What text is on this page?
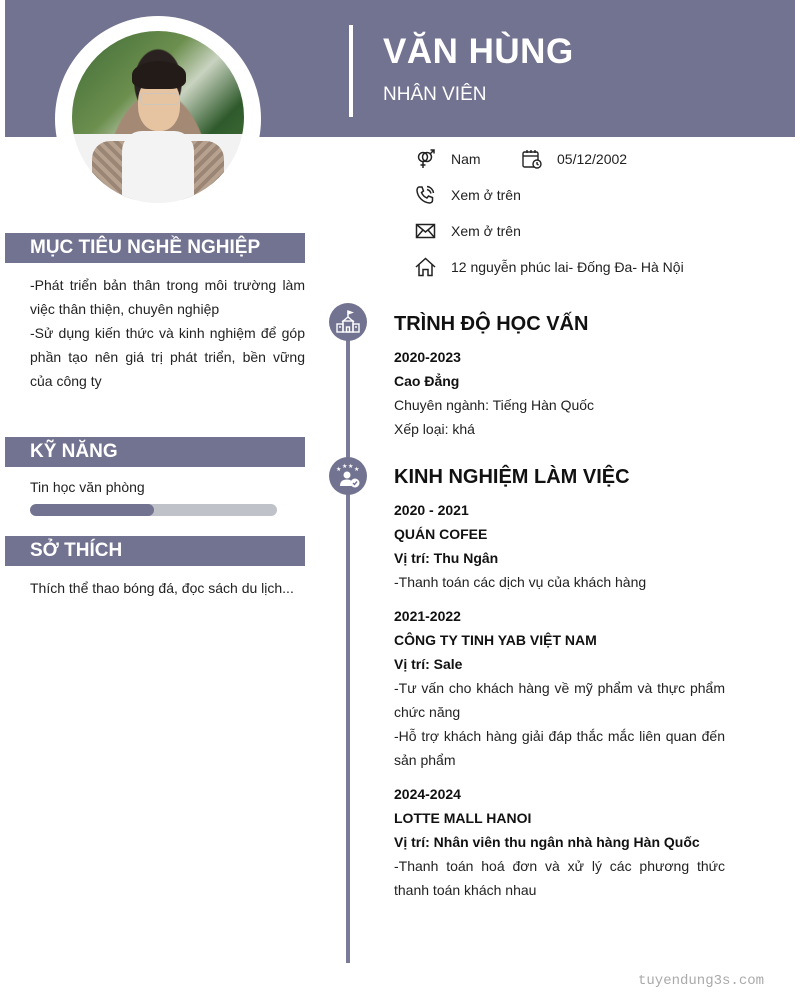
VĂN HÙNG
NHÂN VIÊN
Nam	05/12/2002
Xem ở trên
Xem ở trên
12 nguyễn phúc lai- Đống Đa- Hà Nội
MỤC TIÊU NGHỀ NGHIỆP
-Phát triển bản thân trong môi trường làm việc thân thiện, chuyên nghiệp
-Sử dụng kiến thức và kinh nghiệm để góp phần tạo nên giá trị phát triển, bền vững của công ty
KỸ NĂNG
Tin học văn phòng
SỞ THÍCH
Thích thể thao bóng đá, đọc sách du lịch...
★ ★ ★ ★
TRÌNH ĐỘ HỌC VẤN
2020-2023
Cao Đẳng
Chuyên ngành: Tiếng Hàn Quốc
Xếp loại: khá
KINH NGHIỆM LÀM VIỆC
2020 - 2021
QUÁN COFEE
Vị trí: Thu Ngân
-Thanh toán các dịch vụ của khách hàng
2021-2022
CÔNG TY TINH YAB VIỆT NAM
Vị trí: Sale
-Tư vấn cho khách hàng về mỹ phẩm và thực phẩm chức năng
-Hỗ trợ khách hàng giải đáp thắc mắc liên quan đến sản phẩm
2024-2024
LOTTE MALL HANOI
Vị trí: Nhân viên thu ngân nhà hàng Hàn Quốc
-Thanh toán hoá đơn và xử lý các phương thức thanh toán khách nhau
tuyendung3s.com
